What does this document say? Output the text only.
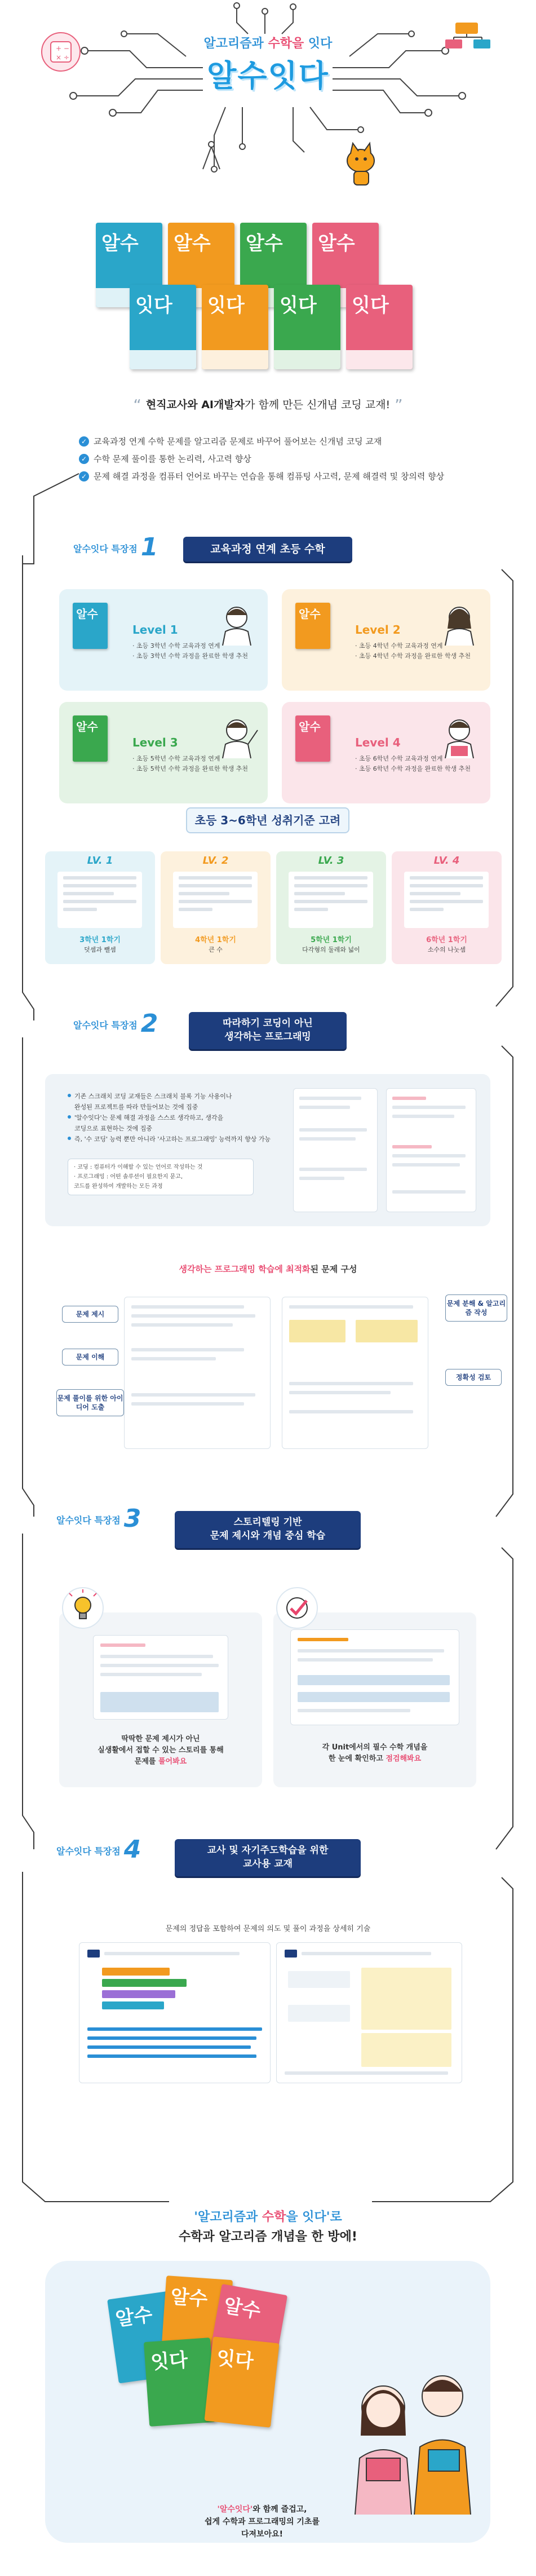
+ −
× ÷
알고리즘과 수학을 잇다
알수잇다
알수 알수 알수 알수
잇다 잇다 잇다 잇다
“ 현직교사와 AI개발자가 함께 만든 신개념 코딩 교재! ”
✓ 교육과정 연계 수학 문제를 알고리즘 문제로 바꾸어 풀어보는 신개념 코딩 교재
✓ 수학 문제 풀이를 통한 논리력, 사고력 향상
✓ 문제 해결 과정을 컴퓨터 언어로 바꾸는 연습을 통해 컴퓨팅 사고력, 문제 해결력 및 창의력 향상
알수잇다 특장점 1	교육과정 연계 초등 수학
알수
Level 1
· 초등 3학년 수학 교육과정 연계
· 초등 3학년 수학 과정을 완료한 학생 추천
알수
Level 2
· 초등 4학년 수학 교육과정 연계
· 초등 4학년 수학 과정을 완료한 학생 추천
알수
Level 3
· 초등 5학년 수학 교육과정 연계
· 초등 5학년 수학 과정을 완료한 학생 추천
알수
Level 4
· 초등 6학년 수학 교육과정 연계
· 초등 6학년 수학 과정을 완료한 학생 추천
초등 3~6학년 성취기준 고려
LV. 1
3학년 1학기
덧셈과 뺄셈
LV. 2
4학년 1학기
큰 수
LV. 3
5학년 1학기
다각형의 둘레와 넓이
LV. 4
6학년 1학기
소수의 나눗셈
알수잇다 특장점 2	따라하기 코딩이 아닌
생각하는 프로그래밍
기존 스크래치 코딩 교재들은 스크래치 블록 기능 사용이나
완성된 프로젝트를 따라 만들어보는 것에 집중
'알수잇다'는 문제 해결 과정을 스스로 생각하고, 생각을
코딩으로 표현하는 것에 집중
즉, '수 코딩' 능력 뿐만 아니라 '사고하는 프로그래밍' 능력까지 향상 가능
· 코딩 : 컴퓨터가 이해할 수 있는 언어로 작성하는 것
· 프로그래밍 : 어떤 솔루션이 필요한지 묻고,
코드를 완성하여 개발하는 모든 과정
생각하는 프로그래밍 학습에 최적화된 문제 구성
문제 제시
문제 이해
문제 풀이를 위한 아이디어 도출
문제 분해 & 알고리즘 작성
정확성 검토
알수잇다 특장점 3	스토리텔링 기반
문제 제시와 개념 중심 학습
딱딱한 문제 제시가 아닌
실생활에서 접할 수 있는 스토리를 통해
문제를 풀어봐요
각 Unit에서의 필수 수학 개념을
한 눈에 확인하고 점검해봐요
알수잇다 특장점 4	교사 및 자기주도학습을 위한
교사용 교재
문제의 정답을 포함하여 문제의 의도 및 풀이 과정을 상세히 기술
'알고리즘과 수학을 잇다'로
수학과 알고리즘 개념을 한 방에!
알수
알수 알수
잇다 잇다
'알수잇다'와 함께 즐겁고,
쉽게 수학과 프로그래밍의 기초를
다져보아요!
